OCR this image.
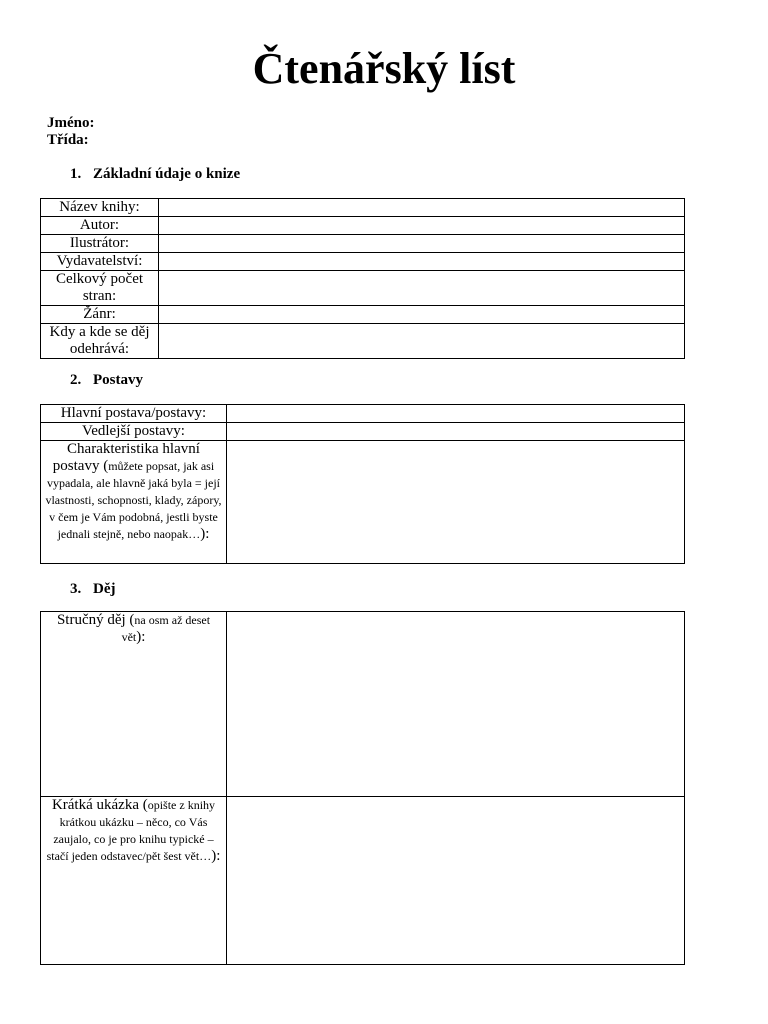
Čtenářský líst
Jméno:
Třída:
1. Základní údaje o knize
Název knihy:	
Autor:	
Ilustrátor:	
Vydavatelství:	
Celkový počet stran:	
Žánr:	
Kdy a kde se děj odehrává:	
2. Postavy
Hlavní postava/postavy:	
Vedlejší postavy:	
Charakteristika hlavní postavy (můžete popsat, jak asi vypadala, ale hlavně jaká byla = její vlastnosti, schopnosti, klady, zápory, v čem je Vám podobná, jestli byste jednali stejně, nebo naopak…):	
3. Děj
Stručný děj (na osm až deset vět):	
Krátká ukázka (opište z knihy krátkou ukázku – něco, co Vás zaujalo, co je pro knihu typické – stačí jeden odstavec/pět šest vět…):	
